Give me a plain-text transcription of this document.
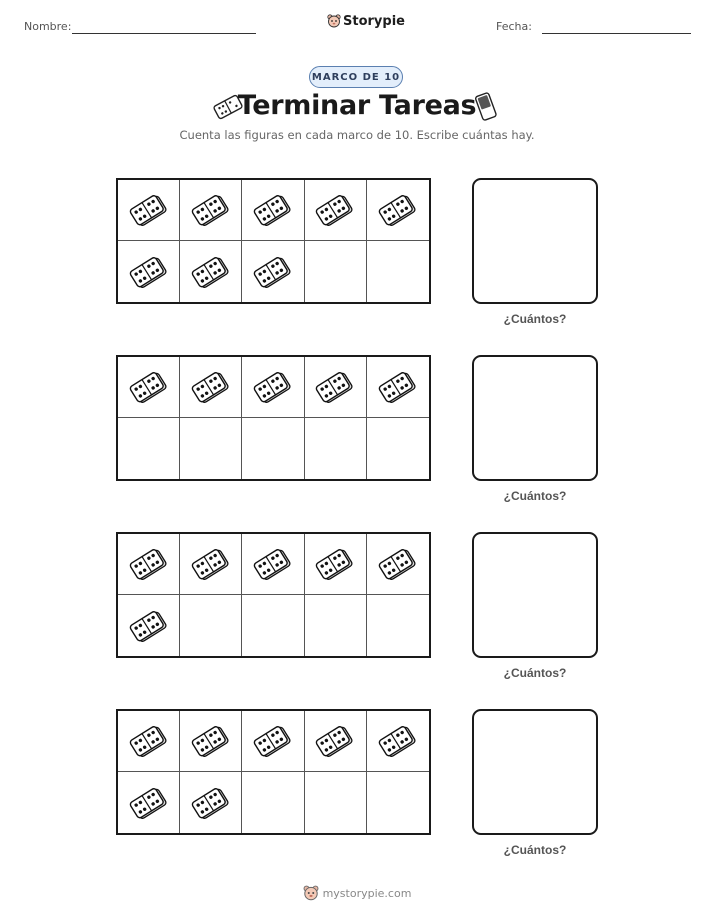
Nombre:	Storypie	Fecha:
MARCO DE 10
Terminar Tareas
Cuenta las figuras en cada marco de 10. Escribe cuántas hay.
¿Cuántos?
¿Cuántos?
¿Cuántos?
¿Cuántos?
mystorypie.com
